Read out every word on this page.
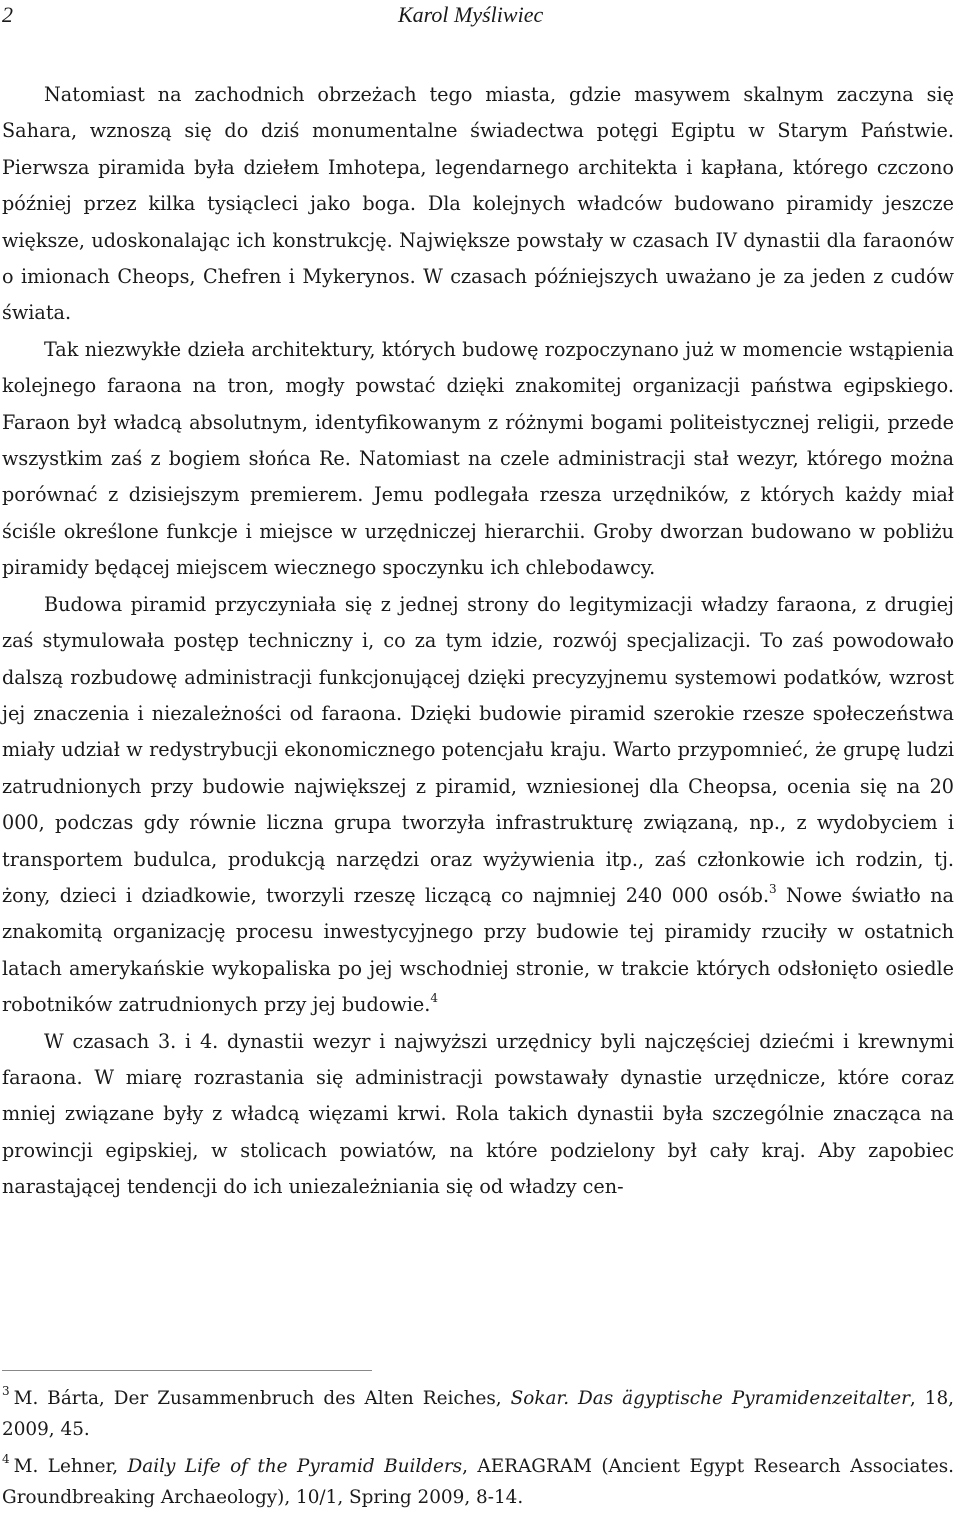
2	Karol Myśliwiec

Natomiast na zachodnich obrzeżach tego miasta, gdzie masywem skalnym zaczyna się Sahara, wznoszą się do dziś monumentalne świadectwa potęgi Egiptu w Starym Państwie. Pierwsza piramida była dziełem Imhotepa, legendarnego architekta i kapłana, którego czczono później przez kilka tysiącleci jako boga. Dla kolejnych władców budowano piramidy jeszcze większe, udoskonalając ich konstrukcję. Największe powstały w czasach IV dynastii dla faraonów o imionach Cheops, Chefren i Mykerynos. W czasach późniejszych uważano je za jeden z cudów świata.

Tak niezwykłe dzieła architektury, których budowę rozpoczynano już w momencie wstąpienia kolejnego faraona na tron, mogły powstać dzięki znakomitej organizacji państwa egipskiego. Faraon był władcą absolutnym, identyfikowanym z różnymi bogami politeistycznej religii, przede wszystkim zaś z bogiem słońca Re. Natomiast na czele administracji stał wezyr, którego można porównać z dzisiejszym premierem. Jemu podlegała rzesza urzędników, z których każdy miał ściśle określone funkcje i miejsce w urzędniczej hierarchii. Groby dworzan budowano w pobliżu piramidy będącej miejscem wiecznego spoczynku ich chlebodawcy.

Budowa piramid przyczyniała się z jednej strony do legitymizacji władzy faraona, z drugiej zaś stymulowała postęp techniczny i, co za tym idzie, rozwój specjalizacji. To zaś powodowało dalszą rozbudowę administracji funkcjonującej dzięki precyzyjnemu systemowi podatków, wzrost jej znaczenia i niezależności od faraona. Dzięki budowie piramid szerokie rzesze społeczeństwa miały udział w redystrybucji ekonomicznego potencjału kraju. Warto przypomnieć, że grupę ludzi zatrudnionych przy budowie największej z piramid, wzniesionej dla Cheopsa, ocenia się na 20 000, podczas gdy równie liczna grupa tworzyła infrastrukturę związaną, np., z wydobyciem i transportem budulca, produkcją narzędzi oraz wyżywienia itp., zaś członkowie ich rodzin, tj. żony, dzieci i dziadkowie, tworzyli rzeszę liczącą co najmniej 240 000 osób.$^3$ Nowe światło na znakomitą organizację procesu inwestycyjnego przy budowie tej piramidy rzuciły w ostatnich latach amerykańskie wykopaliska po jej wschodniej stronie, w trakcie których odsłonięto osiedle robotników zatrudnionych przy jej budowie.$^4$

W czasach 3. i 4. dynastii wezyr i najwyższi urzędnicy byli najczęściej dziećmi i krewnymi faraona. W miarę rozrastania się administracji powstawały dynastie urzędnicze, które coraz mniej związane były z władcą więzami krwi. Rola takich dynastii była szczególnie znacząca na prowincji egipskiej, w stolicach powiatów, na które podzielony był cały kraj. Aby zapobiec narastającej tendencji do ich uniezależniania się od władzy cen-

$^3$ M. Bárta, Der Zusammenbruch des Alten Reiches, Sokar. Das ägyptische Pyramidenzeitalter, 18, 2009, 45.

$^4$ M. Lehner, Daily Life of the Pyramid Builders, AERAGRAM (Ancient Egypt Research Associates. Groundbreaking Archaeology), 10/1, Spring 2009, 8-14.
